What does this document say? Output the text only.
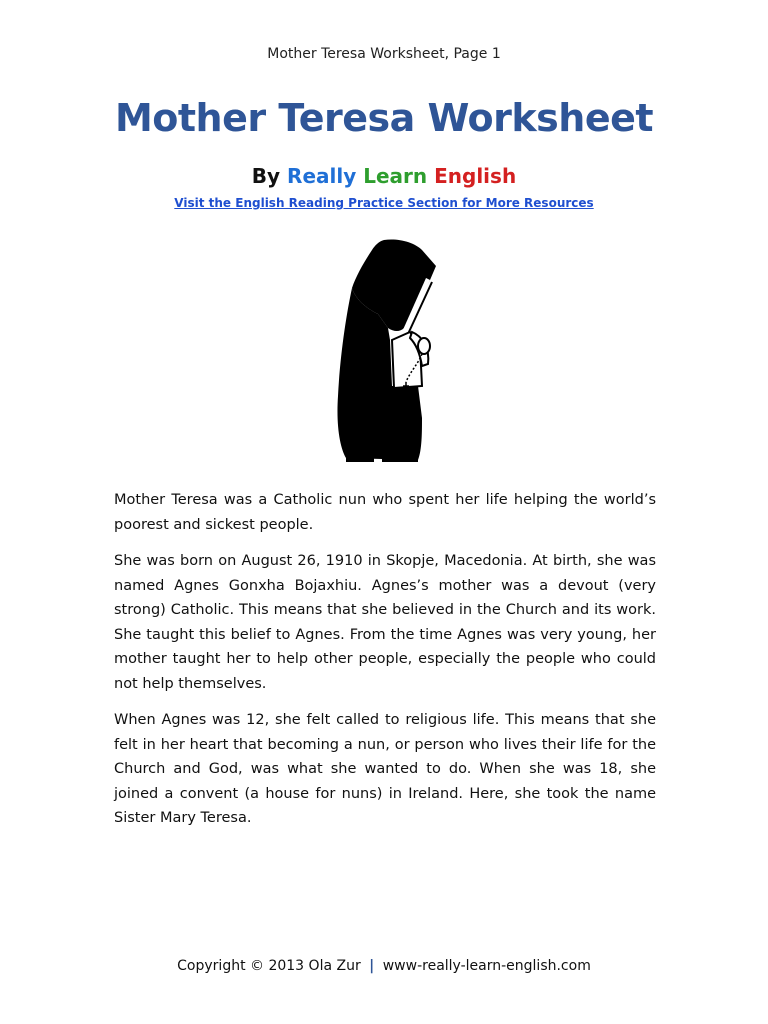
Mother Teresa Worksheet, Page 1
Mother Teresa Worksheet
By Really Learn English
Visit the English Reading Practice Section for More Resources

Mother Teresa was a Catholic nun who spent her life helping the world’s poorest and sickest people.

She was born on August 26, 1910 in Skopje, Macedonia. At birth, she was named Agnes Gonxha Bojaxhiu. Agnes’s mother was a devout (very strong) Catholic. This means that she believed in the Church and its work. She taught this belief to Agnes. From the time Agnes was very young, her mother taught her to help other people, especially the people who could not help themselves.

When Agnes was 12, she felt called to religious life. This means that she felt in her heart that becoming a nun, or person who lives their life for the Church and God, was what she wanted to do. When she was 18, she joined a convent (a house for nuns) in Ireland. Here, she took the name Sister Mary Teresa.

Copyright © 2013 Ola Zur | www-really-learn-english.com
